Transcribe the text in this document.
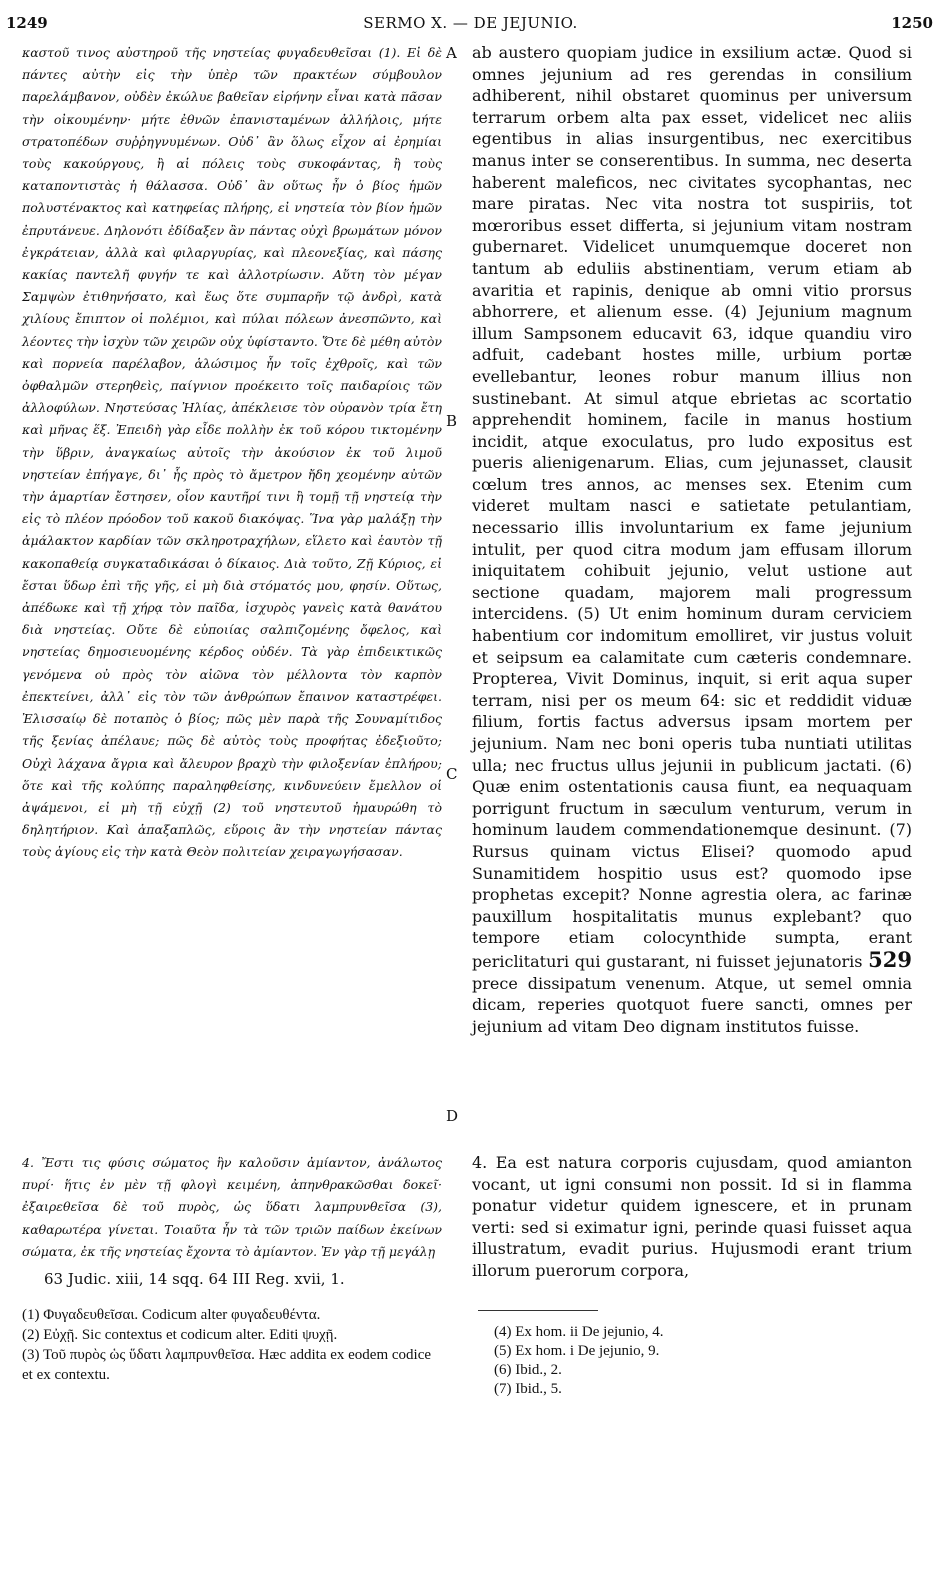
1249	SERMO X. — DE JEJUNIO.	1250

καστοῦ τινος αὐστηροῦ τῆς νηστείας φυγαδευθεῖσαι (1). Εἰ δὲ πάντες αὐτὴν εἰς τὴν ὑπὲρ τῶν πρακτέων σύμβουλον παρελάμβανον, οὐδὲν ἐκώλυε βαθεῖαν εἰρήνην εἶναι κατὰ πᾶσαν τὴν οἰκουμένην· μήτε ἐθνῶν ἐπανισταμένων ἀλλήλοις, μήτε στρατοπέδων συῤῥηγνυμένων. Οὐδ᾽ ἂν ὅλως εἶχον αἱ ἐρημίαι τοὺς κακούργους, ἢ αἱ πόλεις τοὺς συκοφάντας, ἢ τοὺς καταποντιστὰς ἡ θάλασσα. Οὐδ᾽ ἂν οὕτως ἦν ὁ βίος ἡμῶν πολυστένακτος καὶ κατηφείας πλήρης, εἰ νηστεία τὸν βίον ἡμῶν ἐπρυτάνευε. Δηλονότι ἐδίδαξεν ἂν πάντας οὐχὶ βρωμάτων μόνον ἐγκράτειαν, ἀλλὰ καὶ φιλαργυρίας, καὶ πλεονεξίας, καὶ πάσης κακίας παντελῆ φυγήν τε καὶ ἀλλοτρίωσιν. Αὕτη τὸν μέγαν Σαμψὼν ἐτιθηνήσατο, καὶ ἕως ὅτε συμπαρῆν τῷ ἀνδρὶ, κατὰ χιλίους ἔπιπτον οἱ πολέμιοι, καὶ πύλαι πόλεων ἀνεσπῶντο, καὶ λέοντες τὴν ἰσχὺν τῶν χειρῶν οὐχ ὑφίσταντο. Ὅτε δὲ μέθη αὐτὸν καὶ πορνεία παρέλαβον, ἁλώσιμος ἦν τοῖς ἐχθροῖς, καὶ τῶν ὀφθαλμῶν στερηθεὶς, παίγνιον προέκειτο τοῖς παιδαρίοις τῶν ἀλλοφύλων. Νηστεύσας Ἠλίας, ἀπέκλεισε τὸν οὐρανὸν τρία ἔτη καὶ μῆνας ἕξ. Ἐπειδὴ γὰρ εἶδε πολλὴν ἐκ τοῦ κόρου τικτομένην τὴν ὕβριν, ἀναγκαίως αὐτοῖς τὴν ἀκούσιον ἐκ τοῦ λιμοῦ νηστείαν ἐπήγαγε, δι᾽ ἧς πρὸς τὸ ἄμετρον ἤδη χεομένην αὐτῶν τὴν ἁμαρτίαν ἔστησεν, οἷον καυτῆρί τινι ἢ τομῇ τῇ νηστείᾳ τὴν εἰς τὸ πλέον πρόοδον τοῦ κακοῦ διακόψας. Ἵνα γὰρ μαλάξῃ τὴν ἀμάλακτον καρδίαν τῶν σκληροτραχήλων, εἵλετο καὶ ἑαυτὸν τῇ κακοπαθείᾳ συγκαταδικάσαι ὁ δίκαιος. Διὰ τοῦτο, Ζῇ Κύριος, εἰ ἔσται ὕδωρ ἐπὶ τῆς γῆς, εἰ μὴ διὰ στόματός μου, φησίν. Οὕτως, ἀπέδωκε καὶ τῇ χήρᾳ τὸν παῖδα, ἰσχυρὸς γανεὶς κατὰ θανάτου διὰ νηστείας. Οὔτε δὲ εὐποιίας σαλπιζομένης ὄφελος, καὶ νηστείας δημοσιευομένης κέρδος οὐδέν. Τὰ γὰρ ἐπιδεικτικῶς γενόμενα οὐ πρὸς τὸν αἰῶνα τὸν μέλλοντα τὸν καρπὸν ἐπεκτείνει, ἀλλ᾽ εἰς τὸν τῶν ἀνθρώπων ἔπαινον καταστρέφει. Ἐλισσαίῳ δὲ ποταπὸς ὁ βίος; πῶς μὲν παρὰ τῆς Σουναμίτιδος τῆς ξενίας ἀπέλαυε; πῶς δὲ αὐτὸς τοὺς προφήτας ἐδεξιοῦτο; Οὐχὶ λάχανα ἄγρια καὶ ἄλευρον βραχὺ τὴν φιλοξενίαν ἐπλήρου; ὅτε καὶ τῆς κολύπης παραληφθείσης, κινδυνεύειν ἔμελλον οἱ ἀψάμενοι, εἰ μὴ τῇ εὐχῇ (2) τοῦ νηστευτοῦ ἠμαυρώθη τὸ δηλητήριον. Καὶ ἁπαξαπλῶς, εὕροις ἂν τὴν νηστείαν πάντας τοὺς ἁγίους εἰς τὴν κατὰ Θεὸν πολιτείαν χειραγωγήσασαν.

ab austero quopiam judice in exsilium actæ. Quod si omnes jejunium ad res gerendas in consilium adhiberent, nihil obstaret quominus per universum terrarum orbem alta pax esset, videlicet nec aliis egentibus in alias insurgentibus, nec exercitibus manus inter se conserentibus. In summa, nec deserta haberent maleficos, nec civitates sycophantas, nec mare piratas. Nec vita nostra tot suspiriis, tot mœroribus esset differta, si jejunium vitam nostram gubernaret. Videlicet unumquemque doceret non tantum ab eduliis abstinentiam, verum etiam ab avaritia et rapinis, denique ab omni vitio prorsus abhorrere, et alienum esse. (4) Jejunium magnum illum Sampsonem educavit 63, idque quandiu viro adfuit, cadebant hostes mille, urbium portæ evellebantur, leones robur manum illius non sustinebant. At simul atque ebrietas ac scortatio apprehendit hominem, facile in manus hostium incidit, atque exoculatus, pro ludo expositus est pueris alienigenarum. Elias, cum jejunasset, clausit cœlum tres annos, ac menses sex. Etenim cum videret multam nasci e satietate petulantiam, necessario illis involuntarium ex fame jejunium intulit, per quod citra modum jam effusam illorum iniquitatem cohibuit jejunio, velut ustione aut sectione quadam, majorem mali progressum intercidens. (5) Ut enim hominum duram cerviciem habentium cor indomitum emolliret, vir justus voluit et seipsum ea calamitate cum cæteris condemnare. Propterea, Vivit Dominus, inquit, si erit aqua super terram, nisi per os meum 64: sic et reddidit viduæ filium, fortis factus adversus ipsam mortem per jejunium. Nam nec boni operis tuba nuntiati utilitas ulla; nec fructus ullus jejunii in publicum jactati. (6) Quæ enim ostentationis causa fiunt, ea nequaquam porrigunt fructum in sæculum venturum, verum in hominum laudem commendationemque desinunt. (7) Rursus quinam victus Elisei? quomodo apud Sunamitidem hospitio usus est? quomodo ipse prophetas excepit? Nonne agrestia olera, ac farinæ pauxillum hospitalitatis munus explebant? quo tempore etiam colocynthide sumpta, erant periclitaturi qui gustarant, ni fuisset jejunatoris 529 prece dissipatum venenum. Atque, ut semel omnia dicam, reperies quotquot fuere sancti, omnes per jejunium ad vitam Deo dignam institutos fuisse.

A
B
C
D

4. Ἔστι τις φύσις σώματος ἣν καλοῦσιν ἀμίαντον, ἀνάλωτος πυρί· ἥτις ἐν μὲν τῇ φλογὶ κειμένη, ἀπηνθρακῶσθαι δοκεῖ· ἐξαιρεθεῖσα δὲ τοῦ πυρὸς, ὡς ὕδατι λαμπρυνθεῖσα (3), καθαρωτέρα γίνεται. Τοιαῦτα ἦν τὰ τῶν τριῶν παίδων ἐκείνων σώματα, ἐκ τῆς νηστείας ἔχοντα τὸ ἀμίαντον. Ἐν γὰρ τῇ μεγάλῃ

4. Ea est natura corporis cujusdam, quod amianton vocant, ut igni consumi non possit. Id si in flamma ponatur videtur quidem ignescere, et in prunam verti: sed si eximatur igni, perinde quasi fuisset aqua illustratum, evadit purius. Hujusmodi erant trium illorum puerorum corpora,

63 Judic. xiii, 14 sqq. 64 III Reg. xvii, 1.
(1) Φυγαδευθεῖσαι. Codicum alter φυγαδευθέντα.
(2) Εὐχῇ. Sic contextus et codicum alter. Editi ψυχῇ.
(3) Τοῦ πυρὸς ὡς ὕδατι λαμπρυνθεῖσα. Hæc addita ex eodem codice et ex contextu.
(4) Ex hom. ii De jejunio, 4.
(5) Ex hom. i De jejunio, 9.
(6) Ibid., 2.
(7) Ibid., 5.
